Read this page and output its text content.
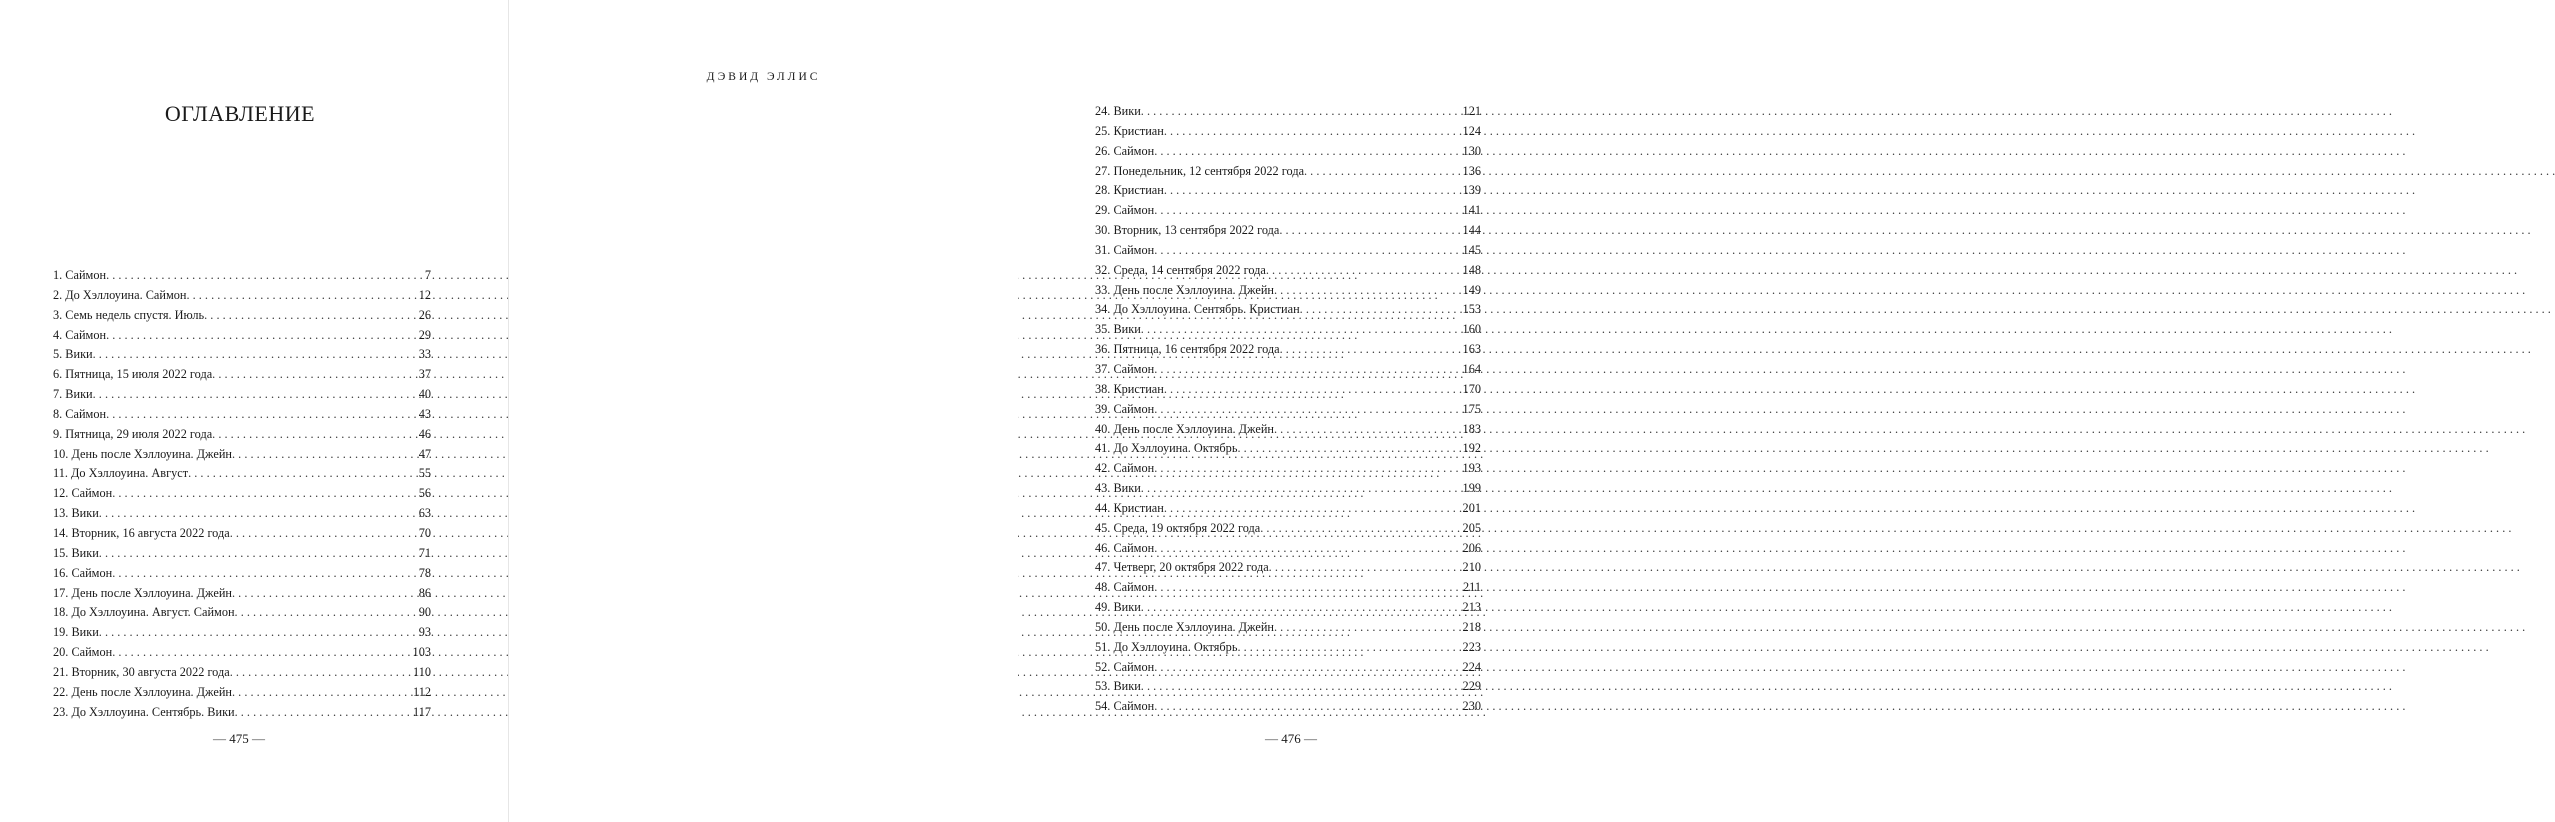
ОГЛАВЛЕНИЕ
1. Саймон . . .	7
2. До Хэллоуина. Саймон . . .	12
3. Семь недель спустя. Июль . . .	26
4. Саймон . . .	29
5. Вики . . .	33
6. Пятница, 15 июля 2022 года . . .	37
7. Вики . . .	40
8. Саймон . . .	43
9. Пятница, 29 июля 2022 года . . .	46
10. День после Хэллоуина. Джейн . . .	47
11. До Хэллоуина. Август . . .	55
12. Саймон . . .	56
13. Вики . . .	63
14. Вторник, 16 августа 2022 года . . .	70
15. Вики . . .	71
16. Саймон . . .	78
17. День после Хэллоуина. Джейн . . .	86
18. До Хэллоуина. Август. Саймон . . .	90
19. Вики . . .	93
20. Саймон . . .	103
21. Вторник, 30 августа 2022 года . . .	110
22. День после Хэллоуина. Джейн . . .	112
23. До Хэллоуина. Сентябрь. Вики . . .	117
— 475 —
ДЭВИД ЭЛЛИС
24. Вики . . .	121
25. Кристиан . . .	124
26. Саймон . . .	130
27. Понедельник, 12 сентября 2022 года . . .	136
28. Кристиан . . .	139
29. Саймон . . .	141
30. Вторник, 13 сентября 2022 года . . .	144
31. Саймон . . .	145
32. Среда, 14 сентября 2022 года . . .	148
33. День после Хэллоуина. Джейн . . .	149
34. До Хэллоуина. Сентябрь. Кристиан . . .	153
35. Вики . . .	160
36. Пятница, 16 сентября 2022 года . . .	163
37. Саймон . . .	164
38. Кристиан . . .	170
39. Саймон . . .	175
40. День после Хэллоуина. Джейн . . .	183
41. До Хэллоуина. Октябрь . . .	192
42. Саймон . . .	193
43. Вики . . .	199
44. Кристиан . . .	201
45. Среда, 19 октября 2022 года . . .	205
46. Саймон . . .	206
47. Четверг, 20 октября 2022 года . . .	210
48. Саймон . . .	211
49. Вики . . .	213
50. День после Хэллоуина. Джейн . . .	218
51. До Хэллоуина. Октябрь . . .	223
52. Саймон . . .	224
53. Вики . . .	229
54. Саймон . . .	230
— 476 —
